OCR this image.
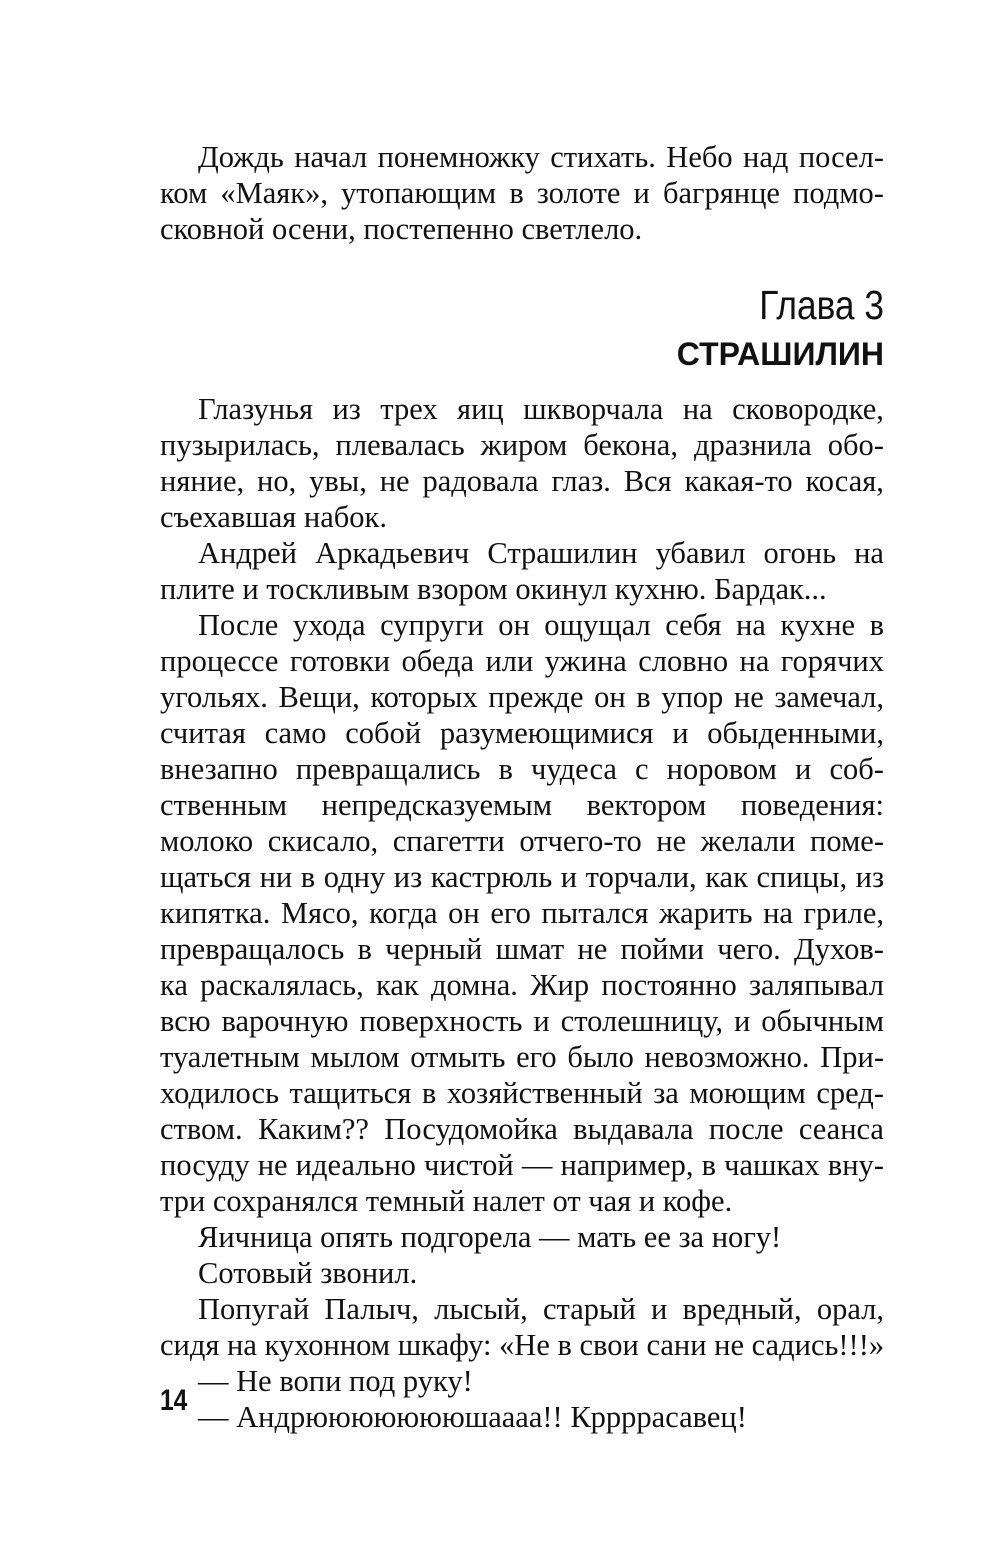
Дождь начал понемножку стихать. Небо над посел-
ком «Маяк», утопающим в золоте и багрянце подмо-
сковной осени, постепенно светлело.
Глава 3
СТРАШИЛИН
Глазунья из трех яиц шкворчала на сковородке,
пузырилась, плевалась жиром бекона, дразнила обо-
няние, но, увы, не радовала глаз. Вся какая-то косая,
съехавшая набок.
Андрей Аркадьевич Страшилин убавил огонь на
плите и тоскливым взором окинул кухню. Бардак...
После ухода супруги он ощущал себя на кухне в
процессе готовки обеда или ужина словно на горячих
угольях. Вещи, которых прежде он в упор не замечал,
считая само собой разумеющимися и обыденными,
внезапно превращались в чудеса с норовом и соб-
ственным непредсказуемым вектором поведения:
молоко скисало, спагетти отчего-то не желали поме-
щаться ни в одну из кастрюль и торчали, как спицы, из
кипятка. Мясо, когда он его пытался жарить на гриле,
превращалось в черный шмат не пойми чего. Духов-
ка раскалялась, как домна. Жир постоянно заляпывал
всю варочную поверхность и столешницу, и обычным
туалетным мылом отмыть его было невозможно. При-
ходилось тащиться в хозяйственный за моющим сред-
ством. Каким?? Посудомойка выдавала после сеанса
посуду не идеально чистой — например, в чашках вну-
три сохранялся темный налет от чая и кофе.
Яичница опять подгорела — мать ее за ногу!
Сотовый звонил.
Попугай Палыч, лысый, старый и вредный, орал,
сидя на кухонном шкафу: «Не в свои сани не садись!!!»
— Не вопи под руку!
— Андрюююююююшаааа!! Кррррасавец!
14
